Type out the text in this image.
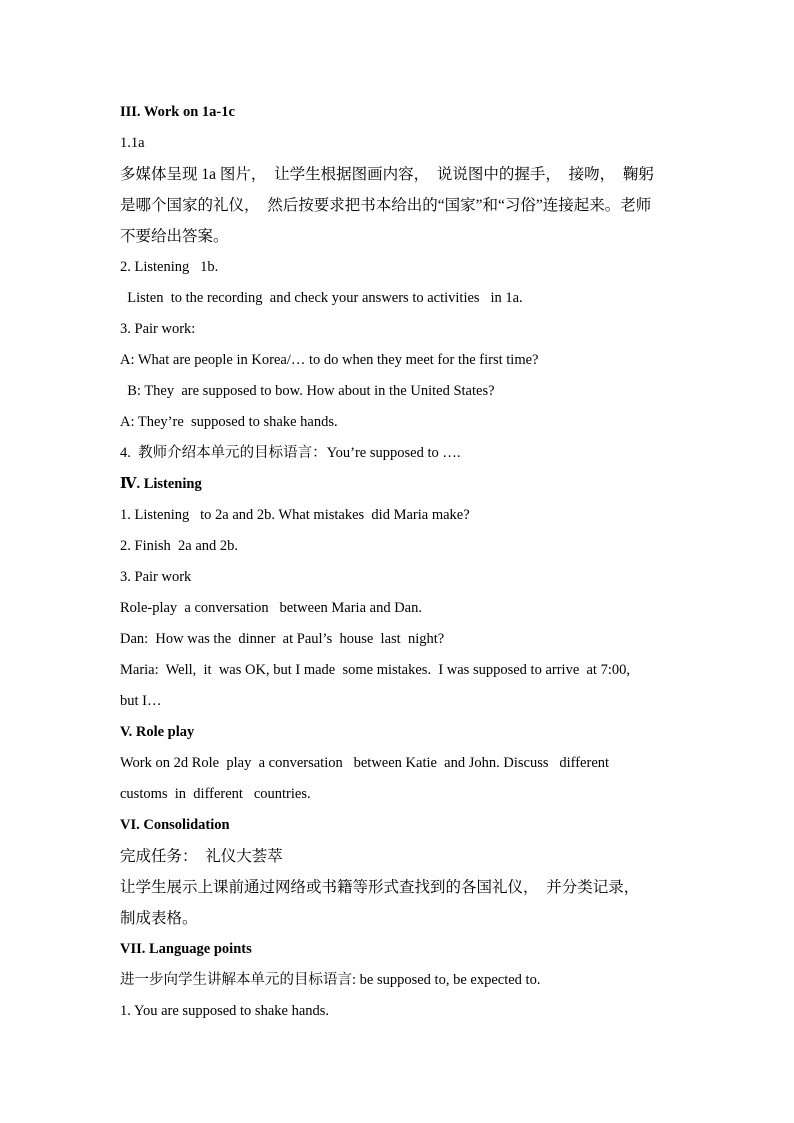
III. Work on 1a-1c
1.1a
多媒体呈现 1a 图片，  让学生根据图画内容，  说说图中的握手，  接吻，  鞠躬
是哪个国家的礼仪，  然后按要求把书本给出的“国家”和“习俗”连接起来。老师
不要给出答案。
2. Listening   1b.
Listen  to the recording  and check your answers to activities   in 1a.
3. Pair work:
A: What are people in Korea/… to do when they meet for the first time?
B: They  are supposed to bow. How about in the United States?
A: They’re  supposed to shake hands.
4.  教师介绍本单元的目标语言：You’re supposed to ….
Ⅳ. Listening
1. Listening   to 2a and 2b. What mistakes  did Maria make?
2. Finish  2a and 2b.
3. Pair work
Role-play  a conversation   between Maria and Dan.
Dan:  How was the  dinner  at Paul’s  house  last  night?
Maria:  Well,  it  was OK, but I made  some mistakes.  I was supposed to arrive  at 7:00,
but I…
V. Role play
Work on 2d Role  play  a conversation   between Katie  and John. Discuss   different
customs  in  different   countries.
VI. Consolidation
完成任务：  礼仪大荟萃
让学生展示上课前通过网络或书籍等形式查找到的各国礼仪，  并分类记录，
制成表格。
VII. Language points
进一步向学生讲解本单元的目标语言: be supposed to, be expected to.
1. You are supposed to shake hands.
